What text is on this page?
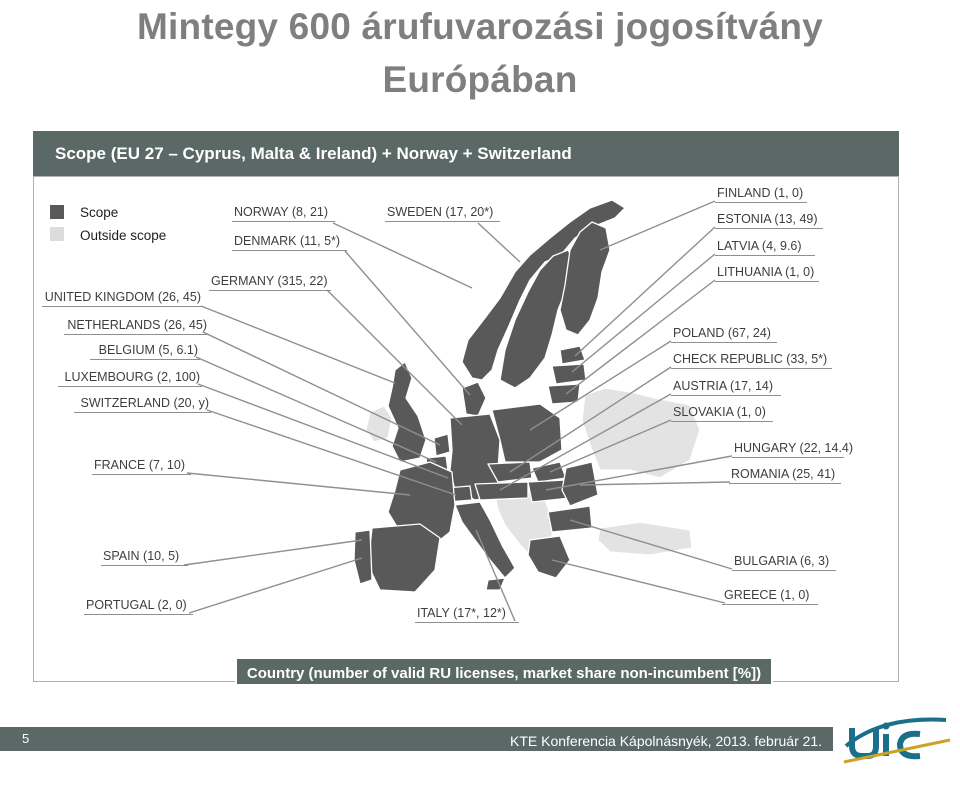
Mintegy 600 árufuvarozási jogosítvány
Európában
Scope (EU 27 – Cyprus, Malta & Ireland) + Norway + Switzerland
Scope
Outside scope
UNITED KINGDOM (26, 45)
NORWAY (8, 21)
DENMARK (11, 5*)
SWEDEN (17, 20*)
GERMANY (315, 22)
NETHERLANDS (26, 45)
BELGIUM (5, 6.1)
LUXEMBOURG (2, 100)
SWITZERLAND (20, y)
FRANCE (7, 10)
SPAIN (10, 5)
PORTUGAL (2, 0)
ITALY (17*, 12*)
FINLAND (1, 0)
ESTONIA (13, 49)
LATVIA (4, 9.6)
LITHUANIA (1, 0)
POLAND (67, 24)
CHECK REPUBLIC (33, 5*)
AUSTRIA (17, 14)
SLOVAKIA (1, 0)
HUNGARY (22, 14.4)
ROMANIA (25, 41)
BULGARIA (6, 3)
GREECE (1, 0)
Country (number of valid RU licenses, market share non-incumbent [%])
5	KTE Konferencia Kápolnásnyék, 2013. február 21.
